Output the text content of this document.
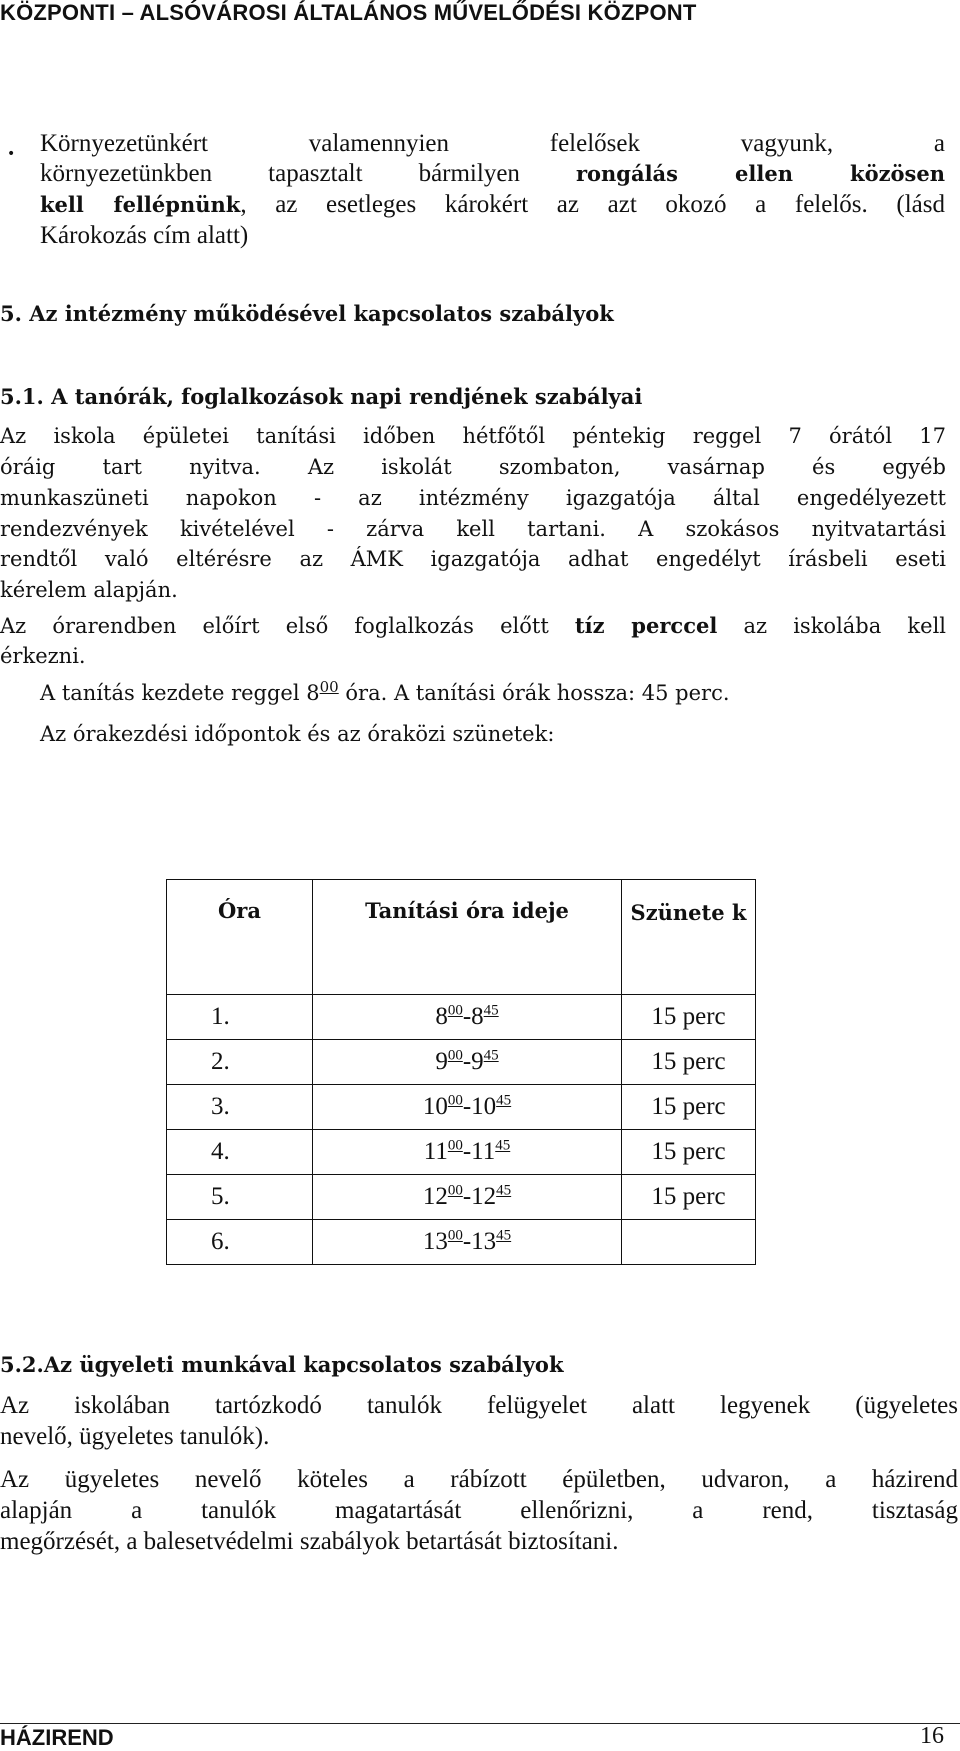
KÖZPONTI – ALSÓVÁROSI ÁLTALÁNOS MŰVELŐDÉSI KÖZPONT
• Környezetünkért valamennyien felelősek vagyunk, a
környezetünkben tapasztalt bármilyen rongálás ellen közösen
kell fellépnünk, az esetleges károkért az azt okozó a felelős. (lásd
Károkozás cím alatt)
5. Az intézmény működésével kapcsolatos szabályok
5.1. A tanórák, foglalkozások napi rendjének szabályai
Az iskola épületei tanítási időben hétfőtől péntekig reggel 7 órától 17
óráig tart nyitva. Az iskolát szombaton, vasárnap és egyéb
munkaszüneti napokon - az intézmény igazgatója által engedélyezett
rendezvények kivételével - zárva kell tartani. A szokásos nyitvatartási
rendtől való eltérésre az ÁMK igazgatója adhat engedélyt írásbeli eseti
kérelem alapján.
Az órarendben előírt első foglalkozás előtt tíz perccel az iskolába kell
érkezni.
A tanítás kezdete reggel $8^{00}$ óra. A tanítási órák hossza: 45 perc.
Az órakezdési időpontok és az óraközi szünetek:
Óra	Tanítási óra ideje	Szünete k
1.	$8^{00}-8^{45}$	15 perc
2.	$9^{00}-9^{45}$	15 perc
3.	$10^{00}-10^{45}$	15 perc
4.	$11^{00}-11^{45}$	15 perc
5.	$12^{00}-12^{45}$	15 perc
6.	$13^{00}-13^{45}$	
5.2.Az ügyeleti munkával kapcsolatos szabályok
Az iskolában tartózkodó tanulók felügyelet alatt legyenek (ügyeletes
nevelő, ügyeletes tanulók).
Az ügyeletes nevelő köteles a rábízott épületben, udvaron, a házirend
alapján a tanulók magatartását ellenőrizni, a rend, tisztaság
megőrzését, a balesetvédelmi szabályok betartását biztosítani.
HÁZIREND	16
